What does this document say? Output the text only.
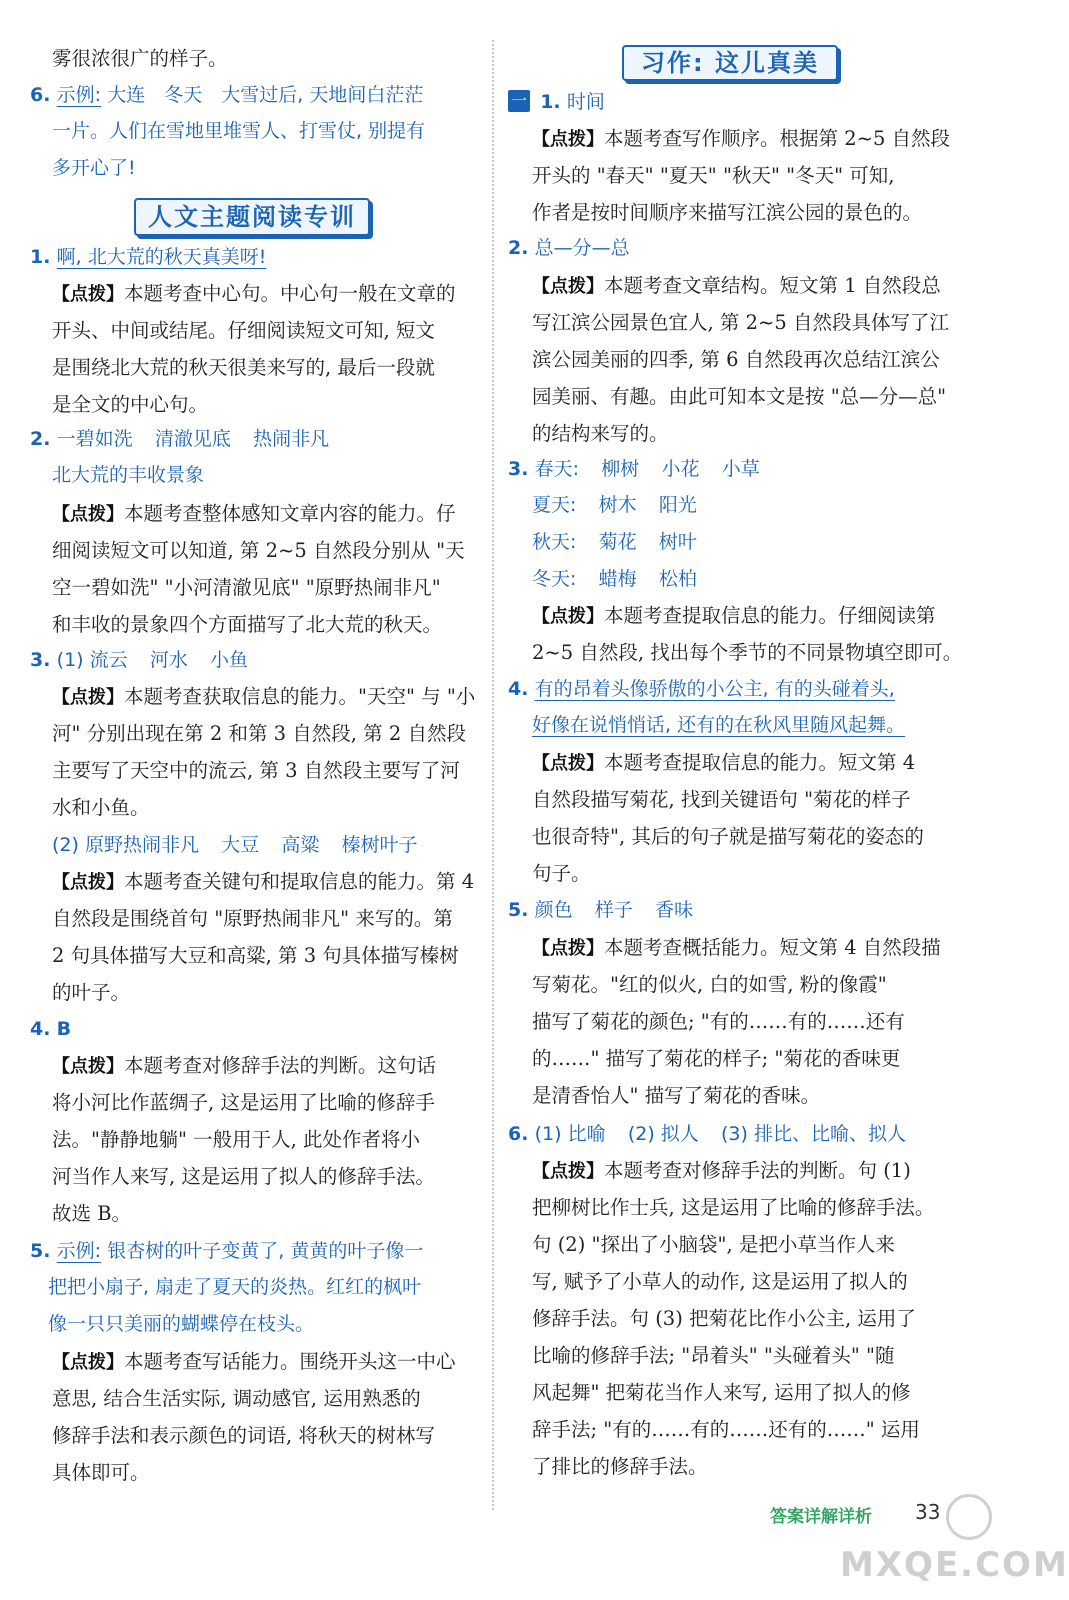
雾很浓很广的样子。
6. 示例: 大连　冬天　大雪过后, 天地间白茫茫
一片。人们在雪地里堆雪人、打雪仗, 别提有
多开心了!
人文主题阅读专训
1. 啊, 北大荒的秋天真美呀!
【点拨】本题考查中心句。中心句一般在文章的
开头、中间或结尾。仔细阅读短文可知, 短文
是围绕北大荒的秋天很美来写的, 最后一段就
是全文的中心句。
2. 一碧如洗 清澈见底 热闹非凡
北大荒的丰收景象
【点拨】本题考查整体感知文章内容的能力。仔
细阅读短文可以知道, 第 2~5 自然段分别从 "天
空一碧如洗" "小河清澈见底" "原野热闹非凡"
和丰收的景象四个方面描写了北大荒的秋天。
3. (1) 流云 河水 小鱼
【点拨】本题考查获取信息的能力。"天空" 与 "小
河" 分别出现在第 2 和第 3 自然段, 第 2 自然段
主要写了天空中的流云, 第 3 自然段主要写了河
水和小鱼。
(2) 原野热闹非凡 大豆 高粱 榛树叶子
【点拨】本题考查关键句和提取信息的能力。第 4
自然段是围绕首句 "原野热闹非凡" 来写的。第
2 句具体描写大豆和高粱, 第 3 句具体描写榛树
的叶子。
4. B
【点拨】本题考查对修辞手法的判断。这句话
将小河比作蓝绸子, 这是运用了比喻的修辞手
法。"静静地躺" 一般用于人, 此处作者将小
河当作人来写, 这是运用了拟人的修辞手法。
故选 B。
5. 示例: 银杏树的叶子变黄了, 黄黄的叶子像一
把把小扇子, 扇走了夏天的炎热。红红的枫叶
像一只只美丽的蝴蝶停在枝头。
【点拨】本题考查写话能力。围绕开头这一中心
意思, 结合生活实际, 调动感官, 运用熟悉的
修辞手法和表示颜色的词语, 将秋天的树林写
具体即可。
习作: 这儿真美
一 1. 时间
【点拨】本题考查写作顺序。根据第 2~5 自然段
开头的 "春天" "夏天" "秋天" "冬天" 可知,
作者是按时间顺序来描写江滨公园的景色的。
2. 总—分—总
【点拨】本题考查文章结构。短文第 1 自然段总
写江滨公园景色宜人, 第 2~5 自然段具体写了江
滨公园美丽的四季, 第 6 自然段再次总结江滨公
园美丽、有趣。由此可知本文是按 "总—分—总"
的结构来写的。
3. 春天: 柳树 小花 小草
夏天: 树木 阳光
秋天: 菊花 树叶
冬天: 蜡梅 松柏
【点拨】本题考查提取信息的能力。仔细阅读第
2~5 自然段, 找出每个季节的不同景物填空即可。
4. 有的昂着头像骄傲的小公主, 有的头碰着头,
好像在说悄悄话, 还有的在秋风里随风起舞。
【点拨】本题考查提取信息的能力。短文第 4
自然段描写菊花, 找到关键语句 "菊花的样子
也很奇特", 其后的句子就是描写菊花的姿态的
句子。
5. 颜色 样子 香味
【点拨】本题考查概括能力。短文第 4 自然段描
写菊花。"红的似火, 白的如雪, 粉的像霞"
描写了菊花的颜色; "有的……有的……还有
的……" 描写了菊花的样子; "菊花的香味更
是清香怡人" 描写了菊花的香味。
6. (1) 比喻 (2) 拟人 (3) 排比、比喻、拟人
【点拨】本题考查对修辞手法的判断。句 (1)
把柳树比作士兵, 这是运用了比喻的修辞手法。
句 (2) "探出了小脑袋", 是把小草当作人来
写, 赋予了小草人的动作, 这是运用了拟人的
修辞手法。句 (3) 把菊花比作小公主, 运用了
比喻的修辞手法; "昂着头" "头碰着头" "随
风起舞" 把菊花当作人来写, 运用了拟人的修
辞手法; "有的……有的……还有的……" 运用
了排比的修辞手法。
答案详解详析 33
MXQE.COM
